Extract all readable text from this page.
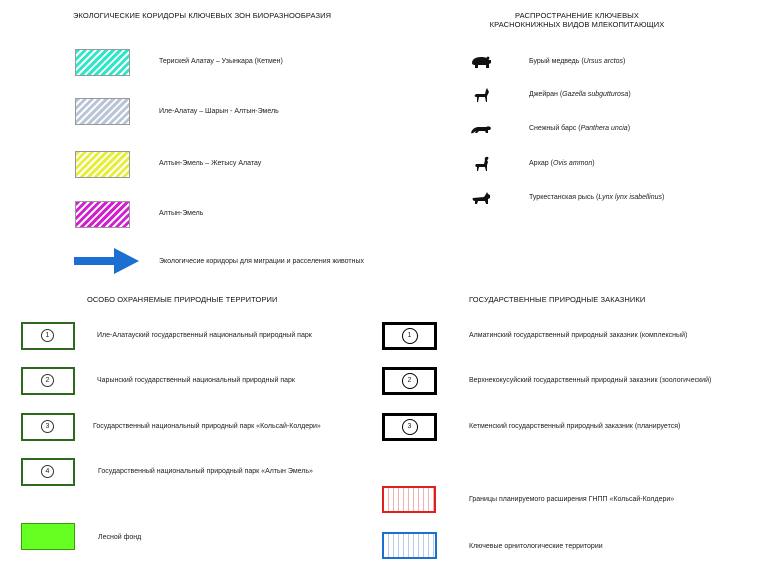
ЭКОЛОГИЧЕСКИЕ КОРИДОРЫ КЛЮЧЕВЫХ ЗОН БИОРАЗНООБРАЗИЯ
Терискей Алатау – Узынкара (Кетмен)
Иле-Алатау – Шарын - Алтын-Эмель
Алтын-Эмель – Жетысу Алатау
Алтын-Эмель
Экологичесие коридоры для миграции и расселения животных
РАСПРОСТРАНЕНИЕ КЛЮЧЕВЫХ
КРАСНОКНИЖНЫХ ВИДОВ МЛЕКОПИТАЮЩИХ
Бурый медведь (Ursus arctos)
Джейран (Gazella subgutturosa)
Снежный барс (Panthera uncia)
Архар (Ovis ammon)
Туркестанская рысь (Lynx lynx isabellinus)
ОСОБО ОХРАНЯЕМЫЕ ПРИРОДНЫЕ ТЕРРИТОРИИ
1	Иле-Алатауский государственный национальный природный парк
2	Чарынский государственный национальный природный парк
3	Государственный национальный природный парк «Кольсай-Колдери»
4	Государственный национальный природный парк «Алтын Эмель»
Лесной фонд
ГОСУДАРСТВЕННЫЕ ПРИРОДНЫЕ ЗАКАЗНИКИ
1	Алматинский государственный природный заказник (комплексный)
2	Верхнекокусуйский государственный природный заказник (зоологический)
3	Кетменский государственный природный заказник (планируется)
Границы планируемого расширения ГНПП «Кольсай-Колдери»
Ключевые орнитологические территории
